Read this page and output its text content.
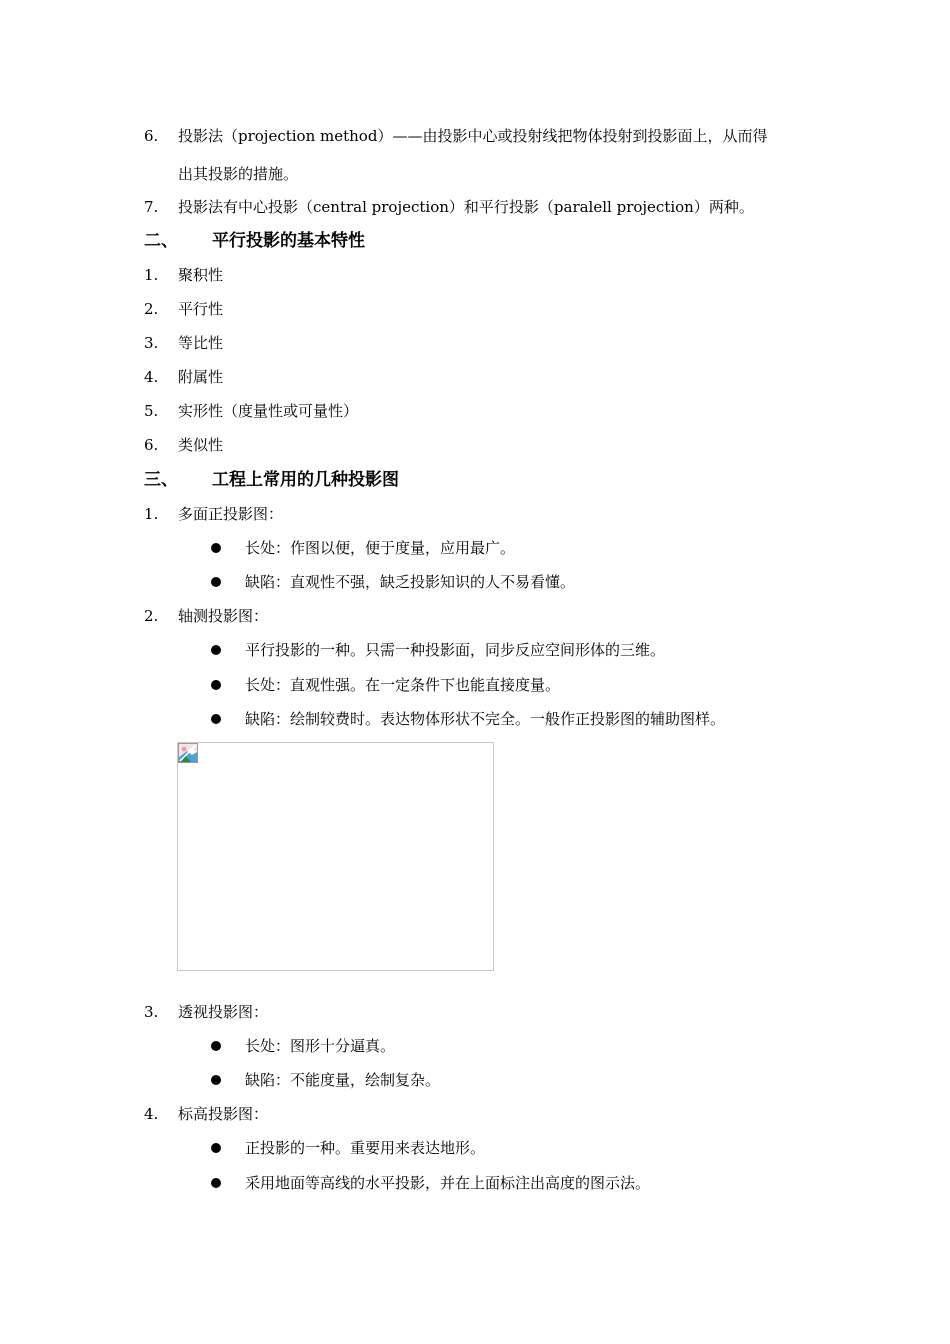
6. 投影法（projection method）——由投影中心或投射线把物体投射到投影面上，从而得
出其投影的措施。
7. 投影法有中心投影（central projection）和平行投影（paralell projection）两种。
二、 平行投影的基本特性
1. 聚积性
2. 平行性
3. 等比性
4. 附属性
5. 实形性（度量性或可量性）
6. 类似性
三、 工程上常用的几种投影图
1. 多面正投影图：
长处：作图以便，便于度量，应用最广。
缺陷：直观性不强，缺乏投影知识的人不易看懂。
2. 轴测投影图：
平行投影的一种。只需一种投影面，同步反应空间形体的三维。
长处：直观性强。在一定条件下也能直接度量。
缺陷：绘制较费时。表达物体形状不完全。一般作正投影图的辅助图样。
3. 透视投影图：
长处：图形十分逼真。
缺陷：不能度量，绘制复杂。
4. 标高投影图：
正投影的一种。重要用来表达地形。
采用地面等高线的水平投影，并在上面标注出高度的图示法。
